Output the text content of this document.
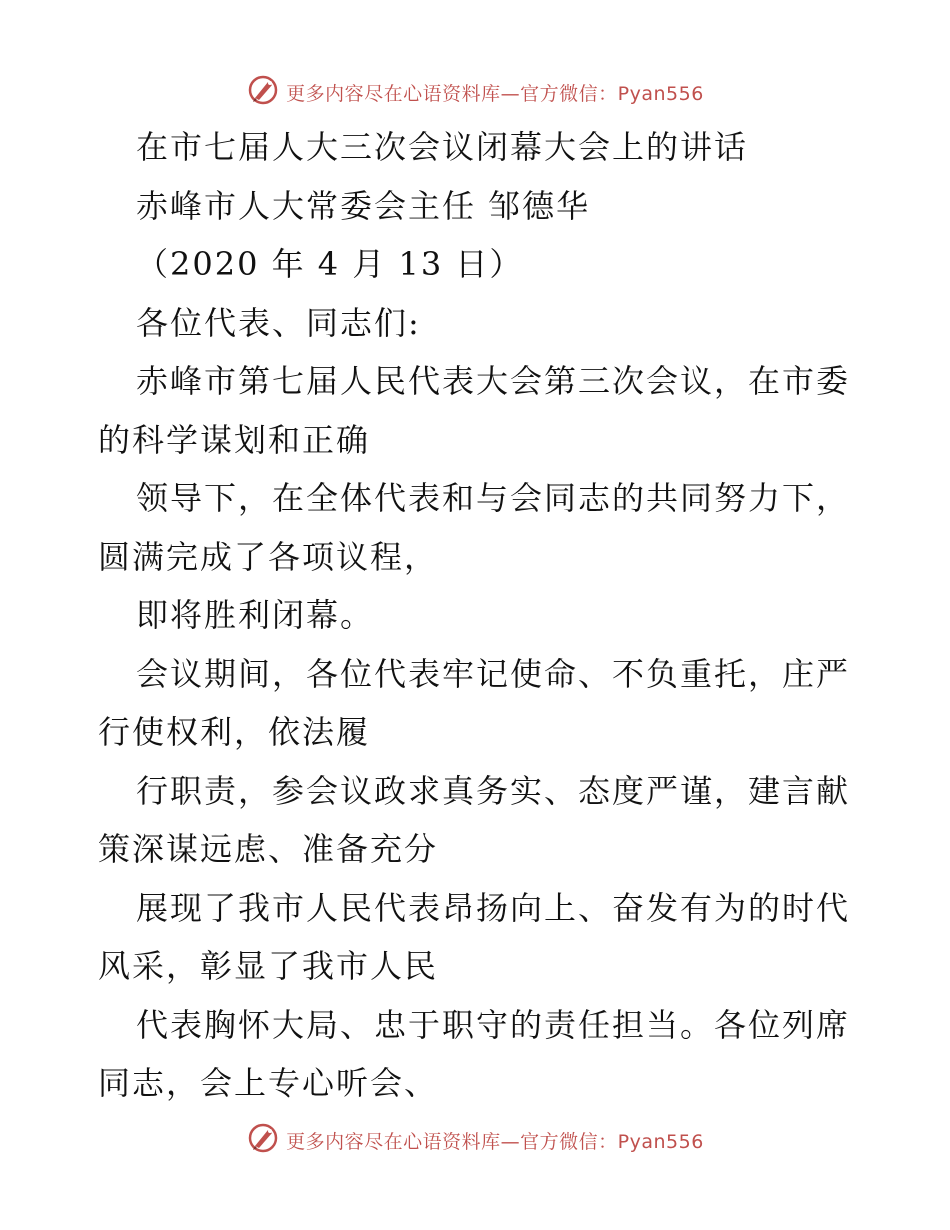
更多内容尽在心语资料库—官方微信：Pyan556
在市七届人大三次会议闭幕大会上的讲话
赤峰市人大常委会主任 邹德华
（2020 年 4 月 13 日）
各位代表、同志们:
赤峰市第七届人民代表大会第三次会议，在市委
的科学谋划和正确
领导下，在全体代表和与会同志的共同努力下，
圆满完成了各项议程，
即将胜利闭幕。
会议期间，各位代表牢记使命、不负重托，庄严
行使权利，依法履
行职责，参会议政求真务实、态度严谨，建言献
策深谋远虑、准备充分
展现了我市人民代表昂扬向上、奋发有为的时代
风采，彰显了我市人民
代表胸怀大局、忠于职守的责任担当。各位列席
同志，会上专心听会、
更多内容尽在心语资料库—官方微信：Pyan556
